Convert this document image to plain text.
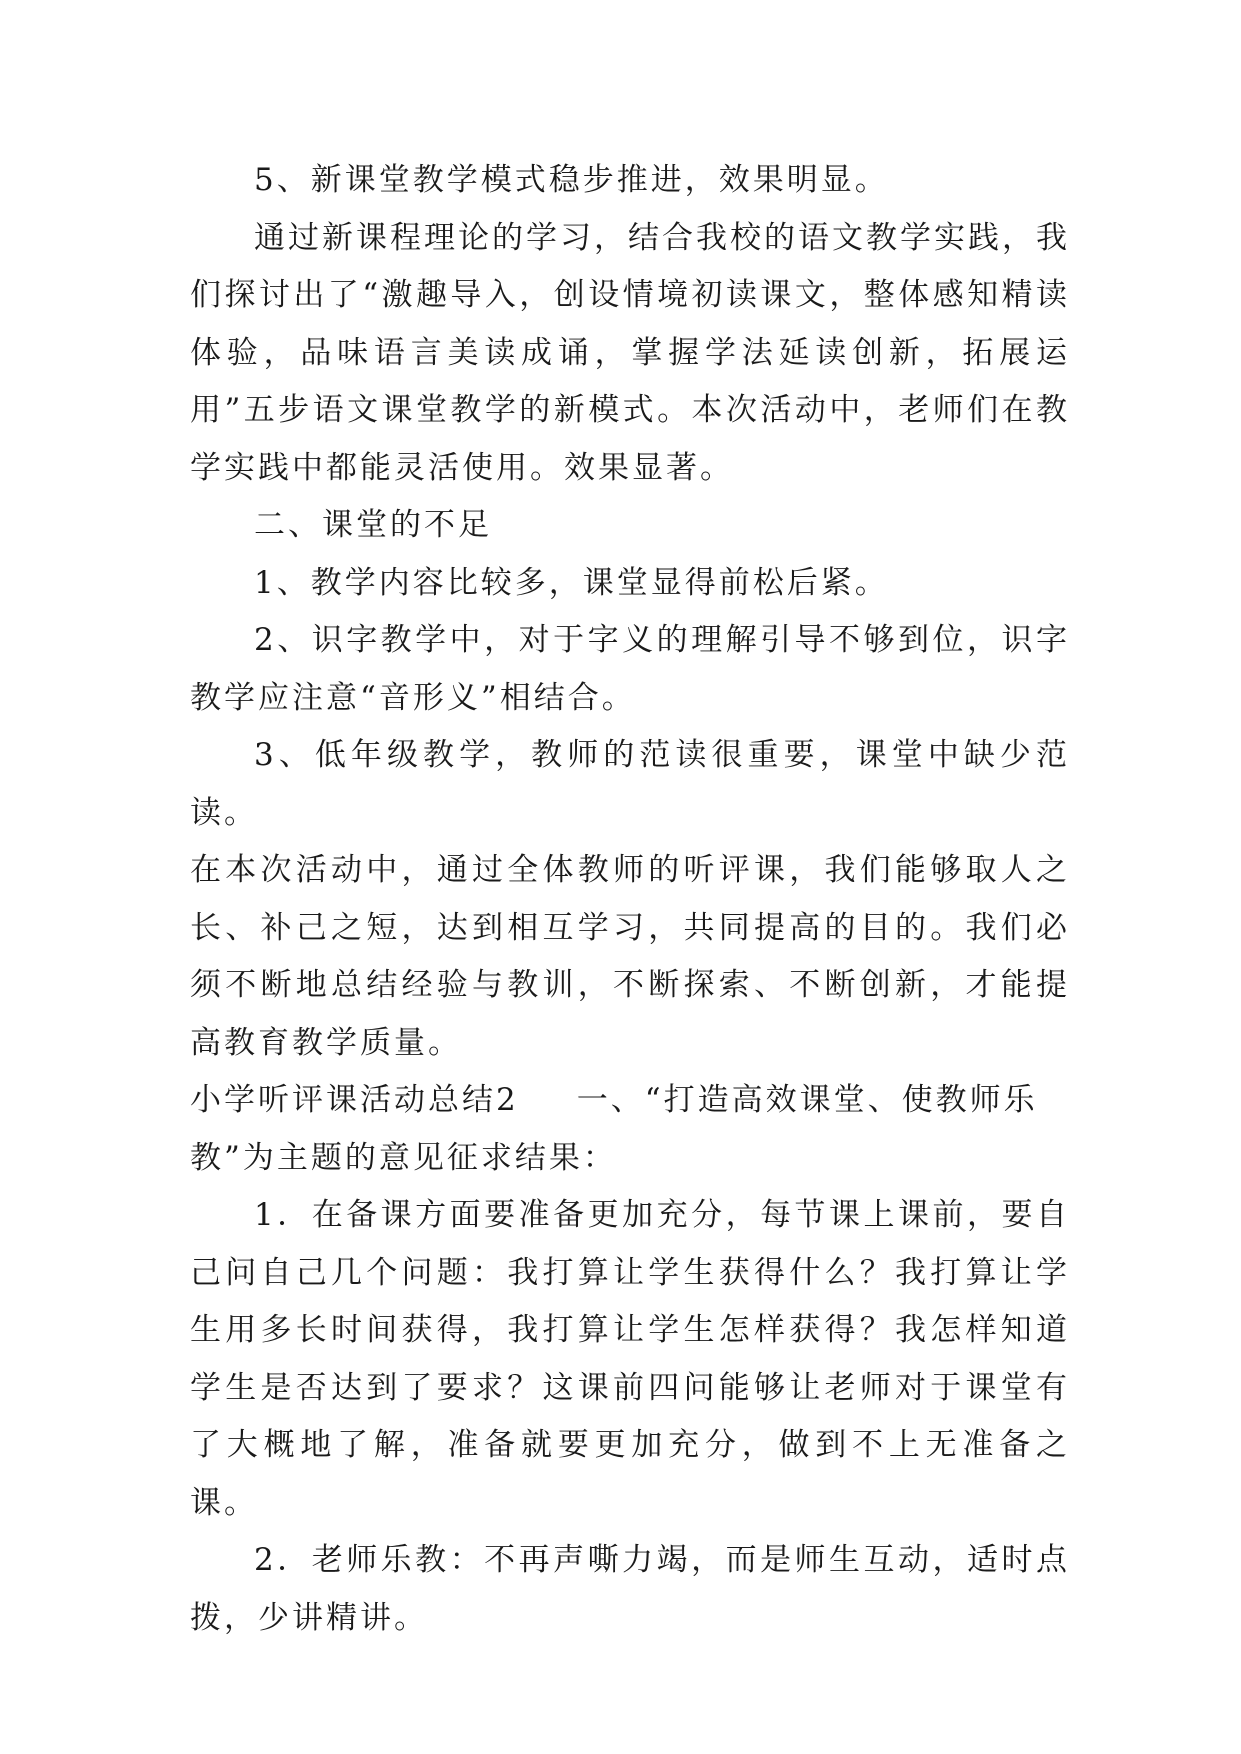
5、新课堂教学模式稳步推进，效果明显。

通过新课程理论的学习，结合我校的语文教学实践，我们探讨出了“激趣导入，创设情境初读课文，整体感知精读体验，品味语言美读成诵，掌握学法延读创新，拓展运用”五步语文课堂教学的新模式。本次活动中，老师们在教学实践中都能灵活使用。效果显著。

二、课堂的不足

1、教学内容比较多，课堂显得前松后紧。

2、识字教学中，对于字义的理解引导不够到位，识字教学应注意“音形义”相结合。

3、低年级教学，教师的范读很重要，课堂中缺少范读。

在本次活动中，通过全体教师的听评课，我们能够取人之长、补己之短，达到相互学习，共同提高的目的。我们必须不断地总结经验与教训，不断探索、不断创新，才能提高教育教学质量。

小学听评课活动总结2 一、“打造高效课堂、使教师乐教”为主题的意见征求结果：

1．在备课方面要准备更加充分，每节课上课前，要自己问自己几个问题：我打算让学生获得什么？我打算让学生用多长时间获得，我打算让学生怎样获得？我怎样知道学生是否达到了要求？这课前四问能够让老师对于课堂有了大概地了解，准备就要更加充分，做到不上无准备之课。

2．老师乐教：不再声嘶力竭，而是师生互动，适时点拨，少讲精讲。
